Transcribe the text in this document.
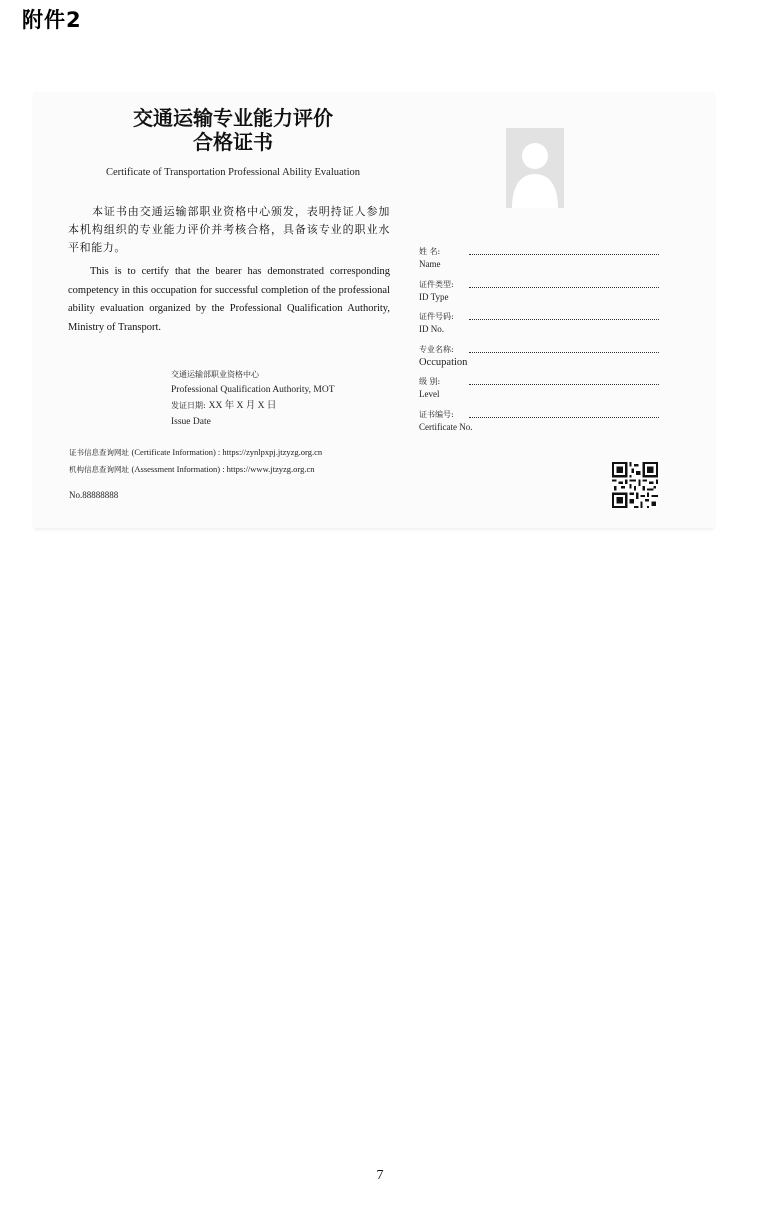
附件2
交通运输专业能力评价
合格证书
Certificate of Transportation Professional Ability Evaluation
本证书由交通运输部职业资格中心颁发，表明持证人参加本机构组织的专业能力评价并考核合格，具备该专业的职业水平和能力。
This is to certify that the bearer has demonstrated corresponding competency in this occupation for successful completion of the professional ability evaluation organized by the Professional Qualification Authority, Ministry of Transport.
交通运输部职业资格中心
Professional Qualification Authority, MOT
发证日期: XX 年 X 月 X 日
Issue Date
证书信息查询网址 (Certificate Information) : https://zynlpxpj.jtzyzg.org.cn
机构信息查询网址 (Assessment Information) : https://www.jtzyzg.org.cn
No.88888888
姓 名:
Name
证件类型:
ID Type
证件号码:
ID No.
专业名称:
Occupation
级 别:
Level
证书编号:
Certificate No.
7
